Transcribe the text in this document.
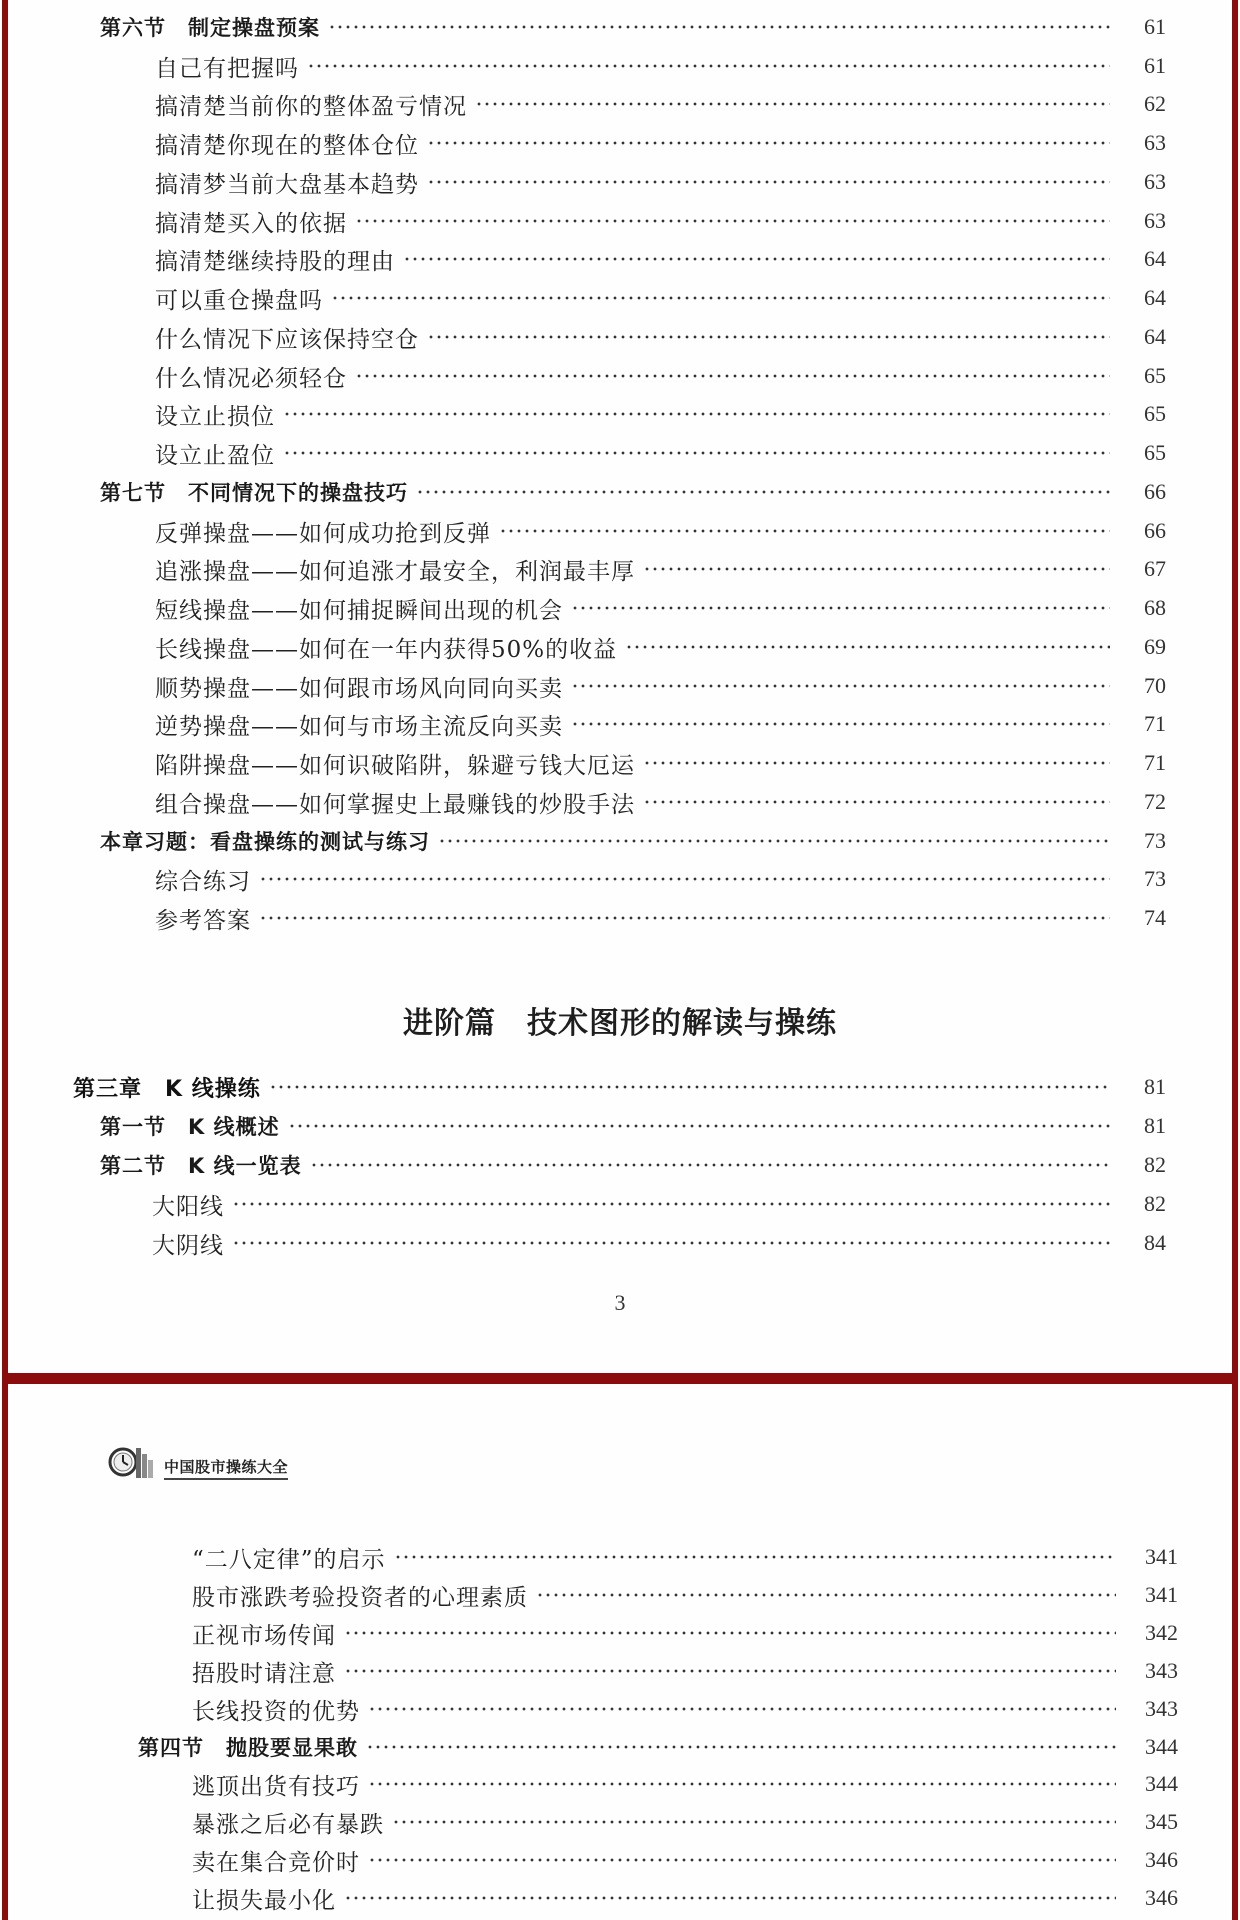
第六节　制定操盘预案	61
自己有把握吗	61
搞清楚当前你的整体盈亏情况	62
搞清楚你现在的整体仓位	63
搞清梦当前大盘基本趋势	63
搞清楚买入的依据	63
搞清楚继续持股的理由	64
可以重仓操盘吗	64
什么情况下应该保持空仓	64
什么情况必须轻仓	65
设立止损位	65
设立止盈位	65
第七节　不同情况下的操盘技巧	66
反弹操盘——如何成功抢到反弹	66
追涨操盘——如何追涨才最安全，利润最丰厚	67
短线操盘——如何捕捉瞬间出现的机会	68
长线操盘——如何在一年内获得50%的收益	69
顺势操盘——如何跟市场风向同向买卖	70
逆势操盘——如何与市场主流反向买卖	71
陷阱操盘——如何识破陷阱，躲避亏钱大厄运	71
组合操盘——如何掌握史上最赚钱的炒股手法	72
本章习题：看盘操练的测试与练习	73
综合练习	73
参考答案	74
进阶篇　技术图形的解读与操练
第三章　K 线操练	81
第一节　K 线概述	81
第二节　K 线一览表	82
大阳线	82
大阴线	84
3
中国股市操练大全
“二八定律”的启示	341
股市涨跌考验投资者的心理素质	341
正视市场传闻	342
捂股时请注意	343
长线投资的优势	343
第四节　抛股要显果敢	344
逃顶出货有技巧	344
暴涨之后必有暴跌	345
卖在集合竞价时	346
让损失最小化	346
